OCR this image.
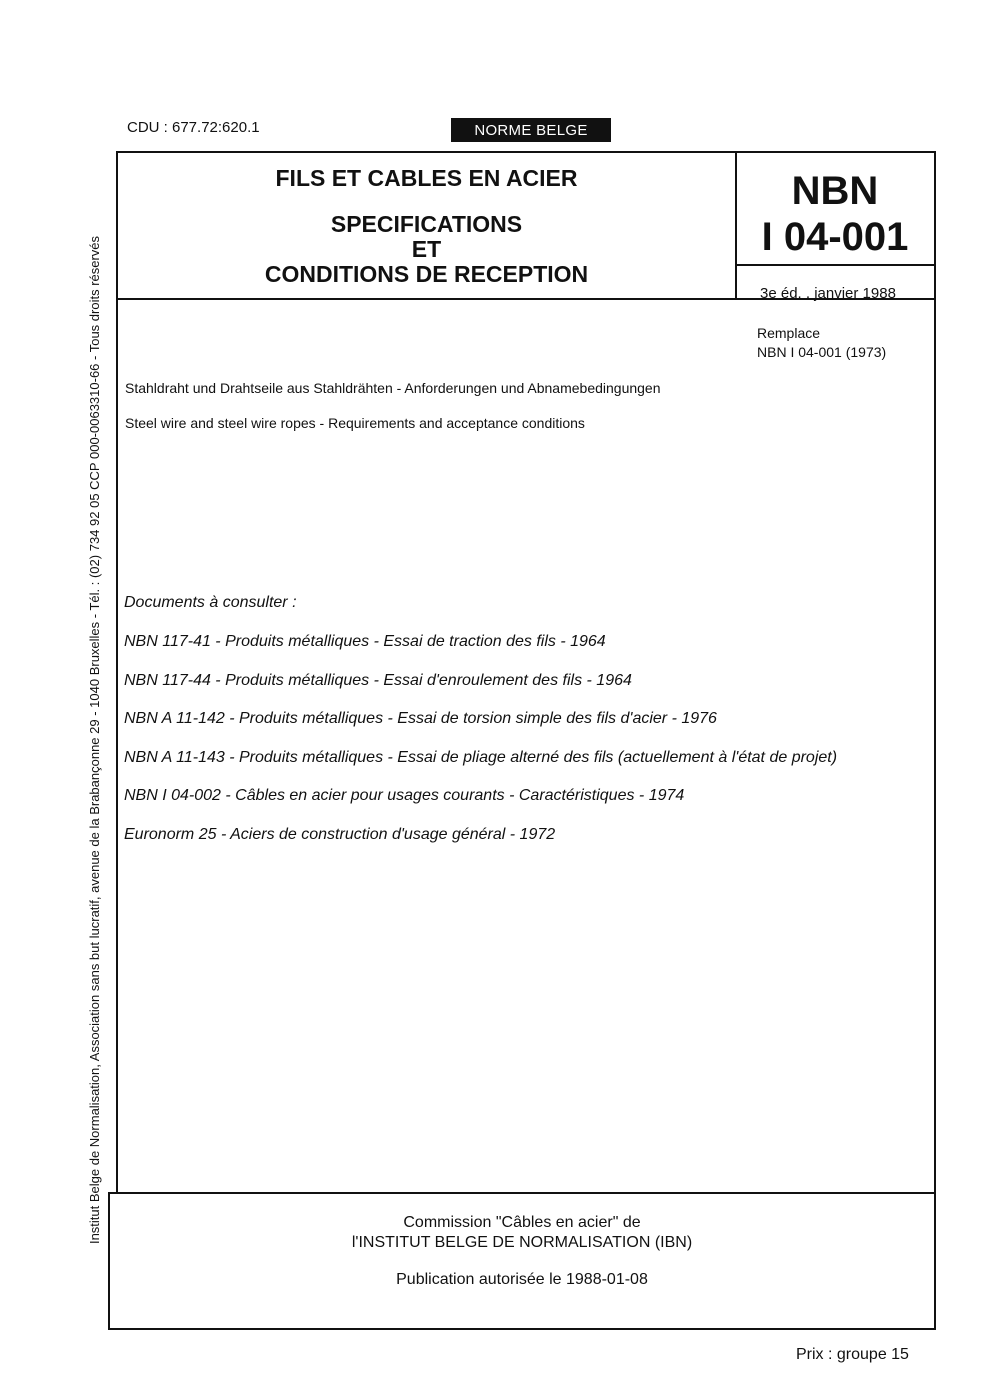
CDU : 677.72:620.1	NORME BELGE
Institut Belge de Normalisation, Association sans but lucratif, avenue de la Brabançonne 29 - 1040 Bruxelles - Tél. : (02) 734 92 05 CCP 000-0063310-66 - Tous droits réservés
FILS ET CABLES EN ACIER
SPECIFICATIONS
ET
CONDITIONS DE RECEPTION
NBN
I 04-001
3e éd. , janvier 1988
Remplace
NBN I 04-001 (1973)
Stahldraht und Drahtseile aus Stahldrähten - Anforderungen und Abnamebedingungen
Steel wire and steel wire ropes - Requirements and acceptance conditions
Documents à consulter :
NBN 117-41 - Produits métalliques - Essai de traction des fils - 1964
NBN 117-44 - Produits métalliques - Essai d'enroulement des fils - 1964
NBN A 11-142 - Produits métalliques - Essai de torsion simple des fils d'acier - 1976
NBN A 11-143 - Produits métalliques - Essai de pliage alterné des fils (actuellement à l'état de projet)
NBN I 04-002 - Câbles en acier pour usages courants - Caractéristiques - 1974
Euronorm 25 - Aciers de construction d'usage général - 1972
Commission "Câbles en acier" de
l'INSTITUT BELGE DE NORMALISATION (IBN)
Publication autorisée le 1988-01-08
Prix : groupe 15
